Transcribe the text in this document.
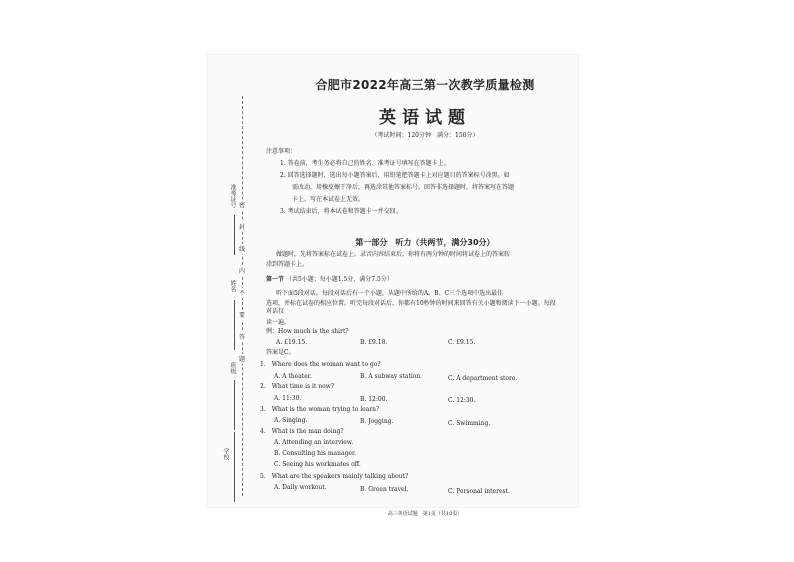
准考证号
姓名
班级
学校
密
封
线
内
不
要
答
题
合肥市2022年高三第一次教学质量检测
英语试题
（考试时间：120分钟　满分：150分）
注意事项：
1. 答卷前，考生务必将自己的姓名、准考证号填写在答题卡上。
2. 回答选择题时，选出每小题答案后，用铅笔把答题卡上对应题目的答案标号涂黑。如
需改动，用橡皮擦干净后，再选涂其他答案标号。回答非选择题时，将答案写在答题
卡上。写在本试卷上无效。
3. 考试结束后，将本试卷和答题卡一并交回。
第一部分　听力（共两节，满分30分）
做题时，先将答案标在试卷上。录音内容结束后，你将有两分钟的时间将试卷上的答案转
涂到答题卡上。
第一节 （共5小题；每小题1.5分，满分7.5分）
听下面5段对话。每段对话后有一个小题，从题中所给的A、B、C三个选项中选出最佳
选项，并标在试卷的相应位置。听完每段对话后，你都有10秒钟的时间来回答有关小题和阅读下一小题。每段对话仅
读一遍。
例：How much is the shirt?
A. £19.15.	B. £9.18.	C. £9.15.
答案是C。
1.　Where does the woman want to go?
A. A theater.	B. A subway station.	C. A department store.
2.　What time is it now?
A. 11:30.	B. 12:00.	C. 12:30.
3.　What is the woman trying to learn?
A. Singing.	B. Jogging.	C. Swimming.
4.　What is the man doing?
A. Attending an interview.
B. Consulting his manager.
C. Seeing his workmates off.
5.　What are the speakers mainly talking about?
A. Daily workout.	B. Green travel.	C. Personal interest.
高三英语试题　第1页（共10页）
